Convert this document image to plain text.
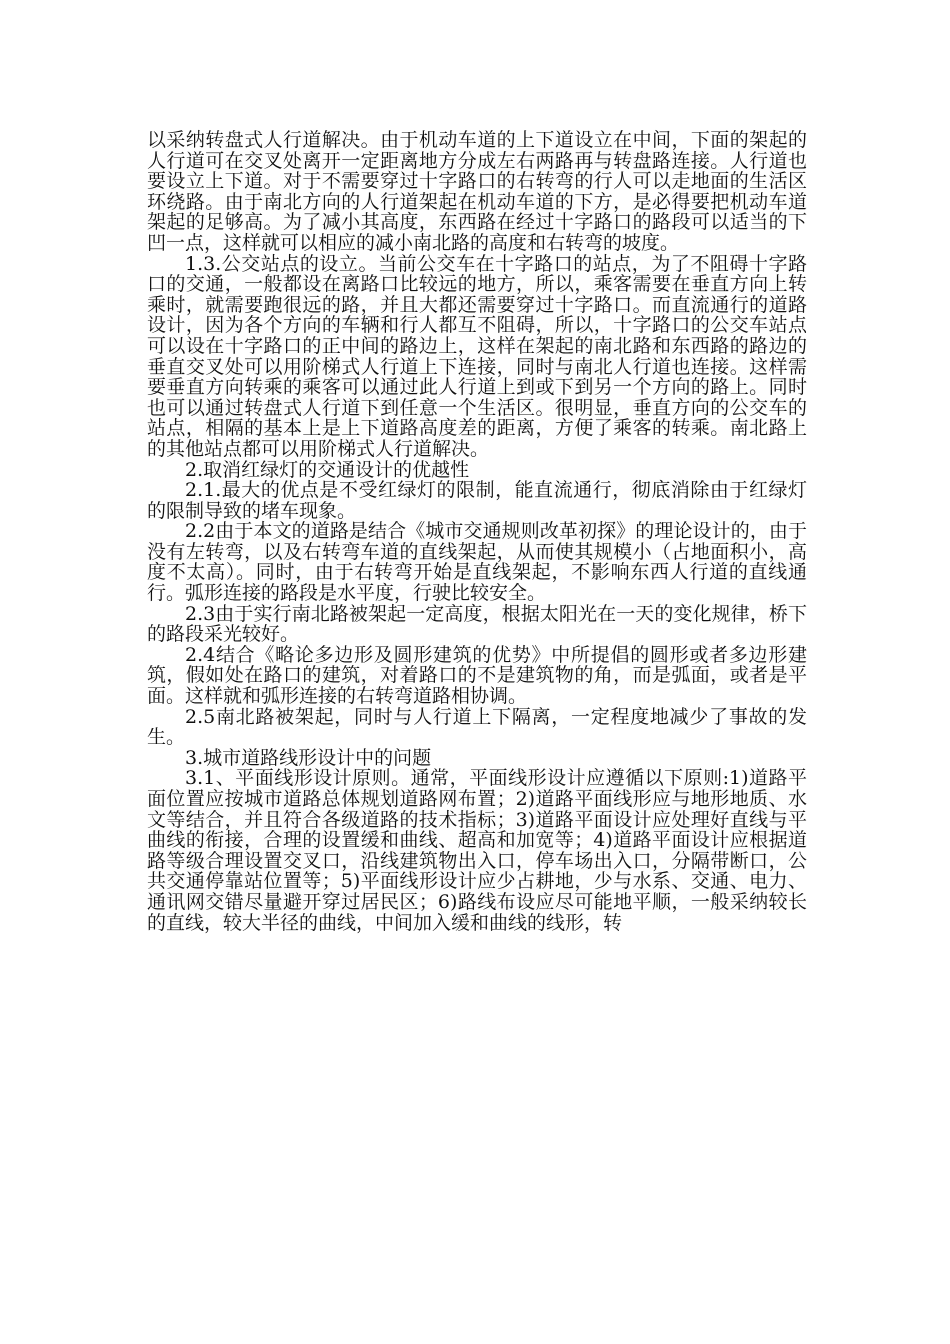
以采纳转盘式人行道解决。由于机动车道的上下道设立在中间，下面的架起的人行道可在交叉处离开一定距离地方分成左右两路再与转盘路连接。人行道也要设立上下道。对于不需要穿过十字路口的右转弯的行人可以走地面的生活区环绕路。由于南北方向的人行道架起在机动车道的下方，是必得要把机动车道架起的足够高。为了减小其高度，东西路在经过十字路口的路段可以适当的下凹一点，这样就可以相应的减小南北路的高度和右转弯的坡度。

1.3.公交站点的设立。当前公交车在十字路口的站点，为了不阻碍十字路口的交通，一般都设在离路口比较远的地方，所以，乘客需要在垂直方向上转乘时，就需要跑很远的路，并且大都还需要穿过十字路口。而直流通行的道路设计，因为各个方向的车辆和行人都互不阻碍，所以，十字路口的公交车站点可以设在十字路口的正中间的路边上，这样在架起的南北路和东西路的路边的垂直交叉处可以用阶梯式人行道上下连接，同时与南北人行道也连接。这样需要垂直方向转乘的乘客可以通过此人行道上到或下到另一个方向的路上。同时也可以通过转盘式人行道下到任意一个生活区。很明显，垂直方向的公交车的站点，相隔的基本上是上下道路高度差的距离，方便了乘客的转乘。南北路上的其他站点都可以用阶梯式人行道解决。

2.取消红绿灯的交通设计的优越性

2.1.最大的优点是不受红绿灯的限制，能直流通行，彻底消除由于红绿灯的限制导致的堵车现象。

2.2由于本文的道路是结合《城市交通规则改革初探》的理论设计的，由于没有左转弯，以及右转弯车道的直线架起，从而使其规模小（占地面积小，高度不太高）。同时，由于右转弯开始是直线架起，不影响东西人行道的直线通行。弧形连接的路段是水平度，行驶比较安全。

2.3由于实行南北路被架起一定高度，根据太阳光在一天的变化规律，桥下的路段采光较好。

2.4结合《略论多边形及圆形建筑的优势》中所提倡的圆形或者多边形建筑，假如处在路口的建筑，对着路口的不是建筑物的角，而是弧面，或者是平面。这样就和弧形连接的右转弯道路相协调。

2.5南北路被架起，同时与人行道上下隔离，一定程度地减少了事故的发生。

3.城市道路线形设计中的问题

3.1、平面线形设计原则。通常，平面线形设计应遵循以下原则:1)道路平面位置应按城市道路总体规划道路网布置；2)道路平面线形应与地形地质、水文等结合，并且符合各级道路的技术指标；3)道路平面设计应处理好直线与平曲线的衔接，合理的设置缓和曲线、超高和加宽等；4)道路平面设计应根据道路等级合理设置交叉口，沿线建筑物出入口，停车场出入口，分隔带断口，公共交通停靠站位置等；5)平面线形设计应少占耕地，少与水系、交通、电力、通讯网交错尽量避开穿过居民区；6)路线布设应尽可能地平顺，一般采纳较长的直线，较大半径的曲线，中间加入缓和曲线的线形，转
